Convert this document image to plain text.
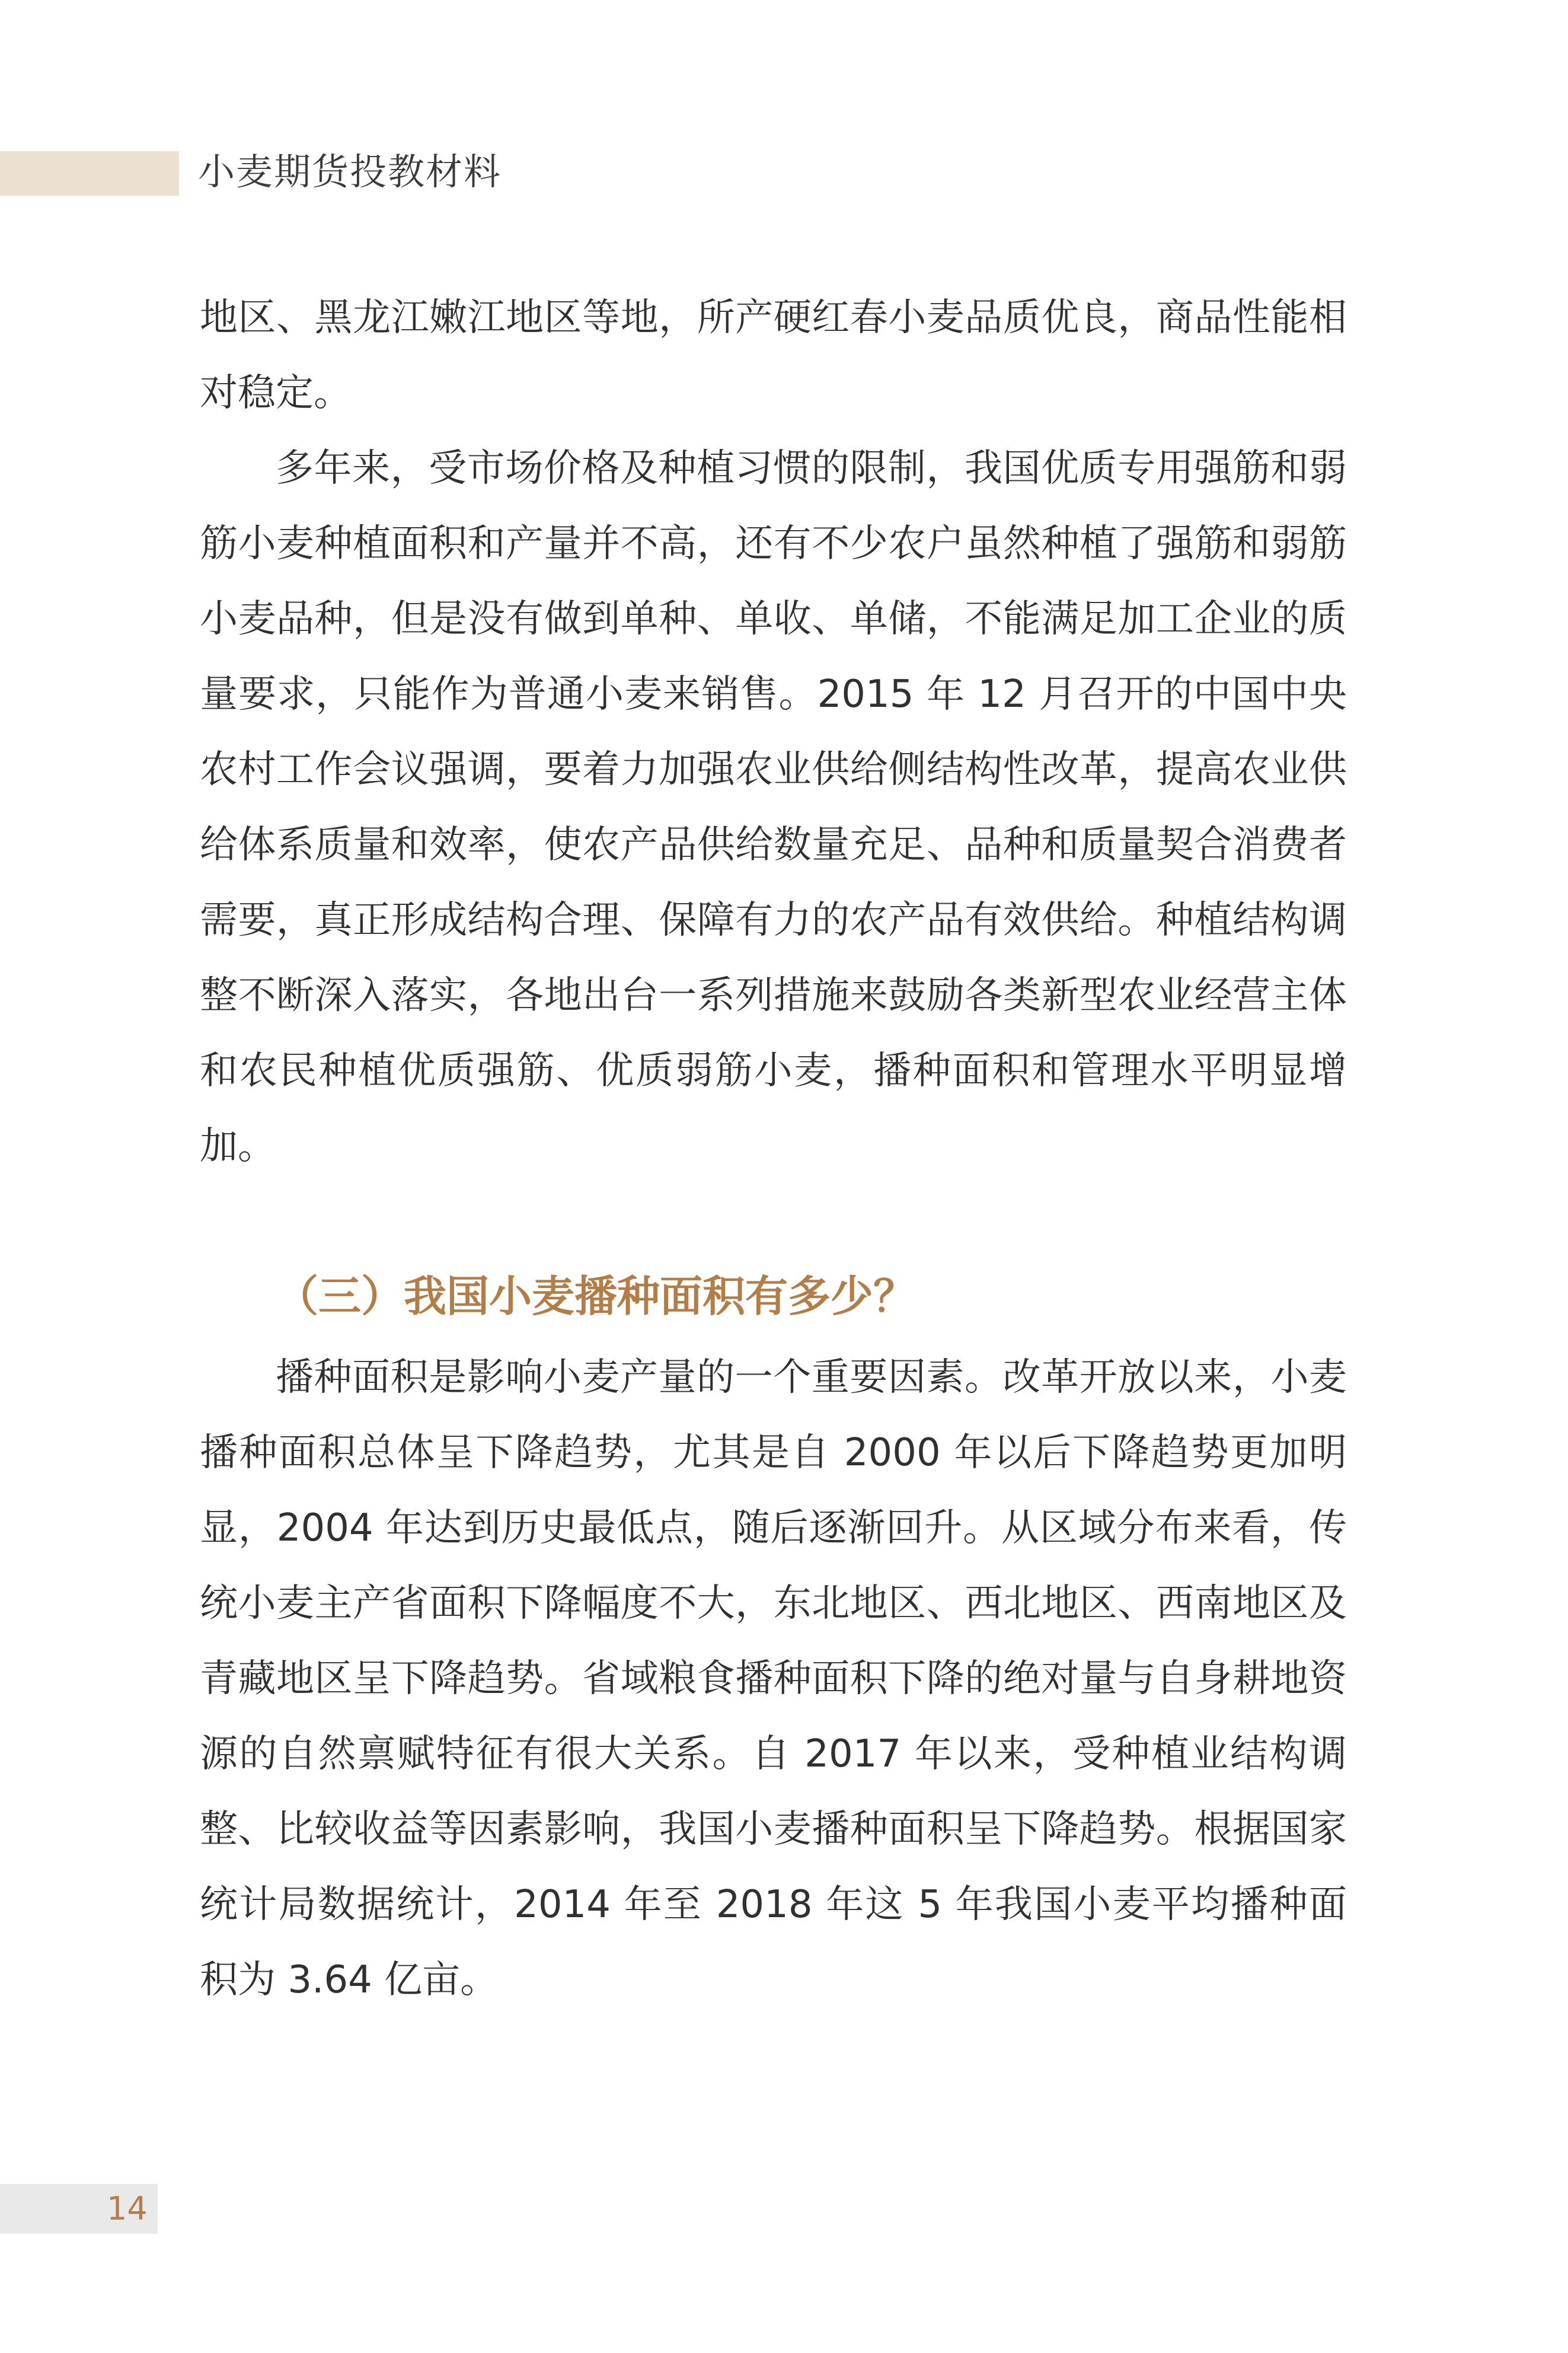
小麦期货投教材料

地区、黑龙江嫩江地区等地，所产硬红春小麦品质优良，商品性能相对稳定。

多年来，受市场价格及种植习惯的限制，我国优质专用强筋和弱筋小麦种植面积和产量并不高，还有不少农户虽然种植了强筋和弱筋小麦品种，但是没有做到单种、单收、单储，不能满足加工企业的质量要求，只能作为普通小麦来销售。2015 年 12 月召开的中国中央农村工作会议强调，要着力加强农业供给侧结构性改革，提高农业供给体系质量和效率，使农产品供给数量充足、品种和质量契合消费者需要，真正形成结构合理、保障有力的农产品有效供给。种植结构调整不断深入落实，各地出台一系列措施来鼓励各类新型农业经营主体和农民种植优质强筋、优质弱筋小麦，播种面积和管理水平明显增加。

（三）我国小麦播种面积有多少？

播种面积是影响小麦产量的一个重要因素。改革开放以来，小麦播种面积总体呈下降趋势，尤其是自 2000 年以后下降趋势更加明显，2004 年达到历史最低点，随后逐渐回升。从区域分布来看，传统小麦主产省面积下降幅度不大，东北地区、西北地区、西南地区及青藏地区呈下降趋势。省域粮食播种面积下降的绝对量与自身耕地资源的自然禀赋特征有很大关系。自 2017 年以来，受种植业结构调整、比较收益等因素影响，我国小麦播种面积呈下降趋势。根据国家统计局数据统计，2014 年至 2018 年这 5 年我国小麦平均播种面积为 3.64 亿亩。

14
